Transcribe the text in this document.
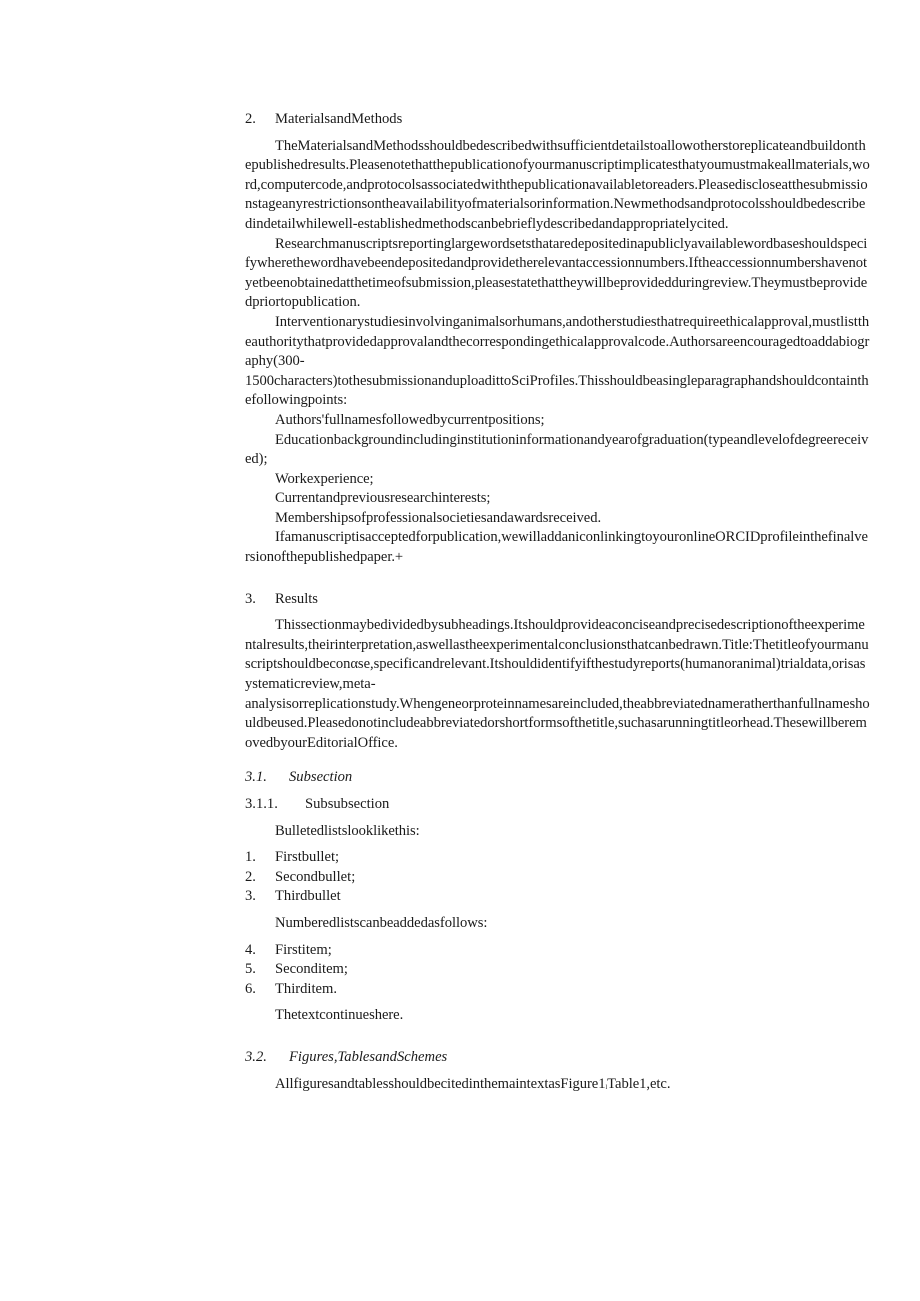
2.	MaterialsandMethods

TheMaterialsandMethodsshouldbedescribedwithsufficientdetailstoallowotherstoreplicateandbuildonthepublishedresults.Pleasenotethatthepublicationofyourmanuscriptimplicatesthatyoumustmakeallmaterials,word,computercode,andprotocolsassociatedwiththepublicationavailabletoreaders.Pleasediscloseatthesubmissionstageanyrestrictionsontheavailabilityofmaterialsorinformation.Newmethodsandprotocolsshouldbedescribedindetailwhilewell-establishedmethodscanbebrieflydescribedandappropriatelycited.

Researchmanuscriptsreportinglargewordsetsthataredepositedinapubliclyavailablewordbaseshouldspecifywherethewordhavebeendepositedandprovidetherelevantaccessionnumbers.Iftheaccessionnumbershavenotyetbeenobtainedatthetimeofsubmission,pleasestatethattheywillbeprovidedduringreview.Theymustbeprovidedpriortopublication.

Interventionarystudiesinvolvinganimalsorhumans,andotherstudiesthatrequireethicalapproval,mustlisttheauthoritythatprovidedapprovalandthecorrespondingethicalapprovalcode.Authorsareencouragedtoaddabiography(300-1500characters)tothesubmissionanduploadittoSciProfiles.Thisshouldbeasingleparagraphandshouldcontainthefollowingpoints:

Authors'fullnamesfollowedbycurrentpositions;

Educationbackgroundincludinginstitutioninformationandyearofgraduation(typeandlevelofdegreereceived);

Workexperience;

Currentandpreviousresearchinterests;

Membershipsofprofessionalsocietiesandawardsreceived.

Ifamanuscriptisacceptedforpublication,wewilladdaniconlinkingtoyouronlineORCIDprofileinthefinalversionofthepublishedpaper.+

3.	Results

Thissectionmaybedividedbysubheadings.Itshouldprovideaconciseandprecisedescriptionoftheexperimentalresults,theirinterpretation,aswellastheexperimentalconclusionsthatcanbedrawn.Title:Thetitleofyourmanuscriptshouldbeconαse,specificandrelevant.Itshouldidentifyifthestudyreports(humanoranimal)trialdata,orisasystematicreview,meta-analysisorreplicationstudy.Whengeneorproteinnamesareincluded,theabbreviatednameratherthanfullnameshouldbeused.Pleasedonotincludeabbreviatedorshortformsofthetitle,suchasarunningtitleorhead.ThesewillberemovedbyourEditorialOffice.

3.1.	Subsection
3.1.1.	Subsubsection

Bulletedlistslooklikethis:

1.	Firstbullet;
2.	Secondbullet;
3.	Thirdbullet

Numberedlistscanbeaddedasfollows:

4.	Firstitem;
5.	Seconditem;
6.	Thirditem.

Thetextcontinueshere.

3.2.	Figures,TablesandSchemes

$AllfiguresandtablesshouldbecitedinthemaintextasFigure1_ˡTable1,etc$.
